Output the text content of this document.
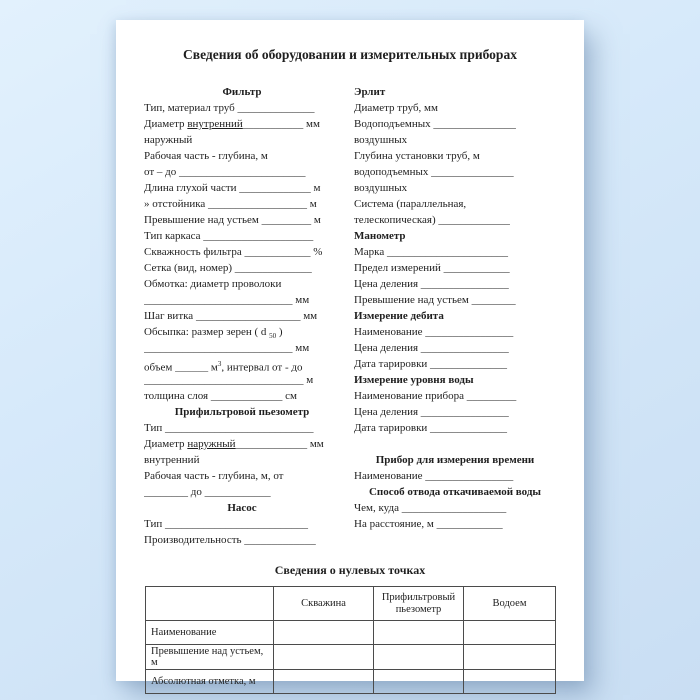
Сведения об оборудовании и измерительных приборах
Фильтр
Тип, материал труб ______________
Диаметр внутренний___________ мм
наружный
Рабочая часть - глубина, м
от – до _______________________
Длина глухой части _____________ м
» отстойника __________________ м
Превышение над устьем _________ м
Тип каркаса ____________________
Скважность фильтра ____________ %
Сетка (вид, номер) ______________
Обмотка: диаметр проволоки
___________________________ мм
Шаг витка ___________________ мм
Обсыпка: размер зерен ( d $_{50}$ )
___________________________ мм
объем ______ $м^3$, интервал от - до
_____________________________ м
толщина слоя _____________ см
Прифильтровой пьезометр
Тип ___________________________
Диаметр наружный_____________ мм
внутренний
Рабочая часть - глубина, м, от
________ до ____________
Насос
Тип __________________________
Производительность _____________
Эрлит
Диаметр труб, мм
Водоподъемных _______________
воздушных
Глубина установки труб, м
водоподъемных _______________
воздушных
Система (параллельная,
телескопическая) _____________
Манометр
Марка ______________________
Предел измерений ____________
Цена деления ________________
Превышение над устьем ________
Измерение дебита
Наименование ________________
Цена деления ________________
Дата тарировки ______________
Измерение уровня воды
Наименование прибора _________
Цена деления ________________
Дата тарировки ______________
Прибор для измерения времени
Наименование ________________
Способ отвода откачиваемой воды
Чем, куда ___________________
На расстояние, м ____________
Сведения о нулевых точках
	Скважина	Прифильтровый пьезометр	Водоем
Наименование			
Превышение над устьем, м			
Абсолютная отметка, м			
